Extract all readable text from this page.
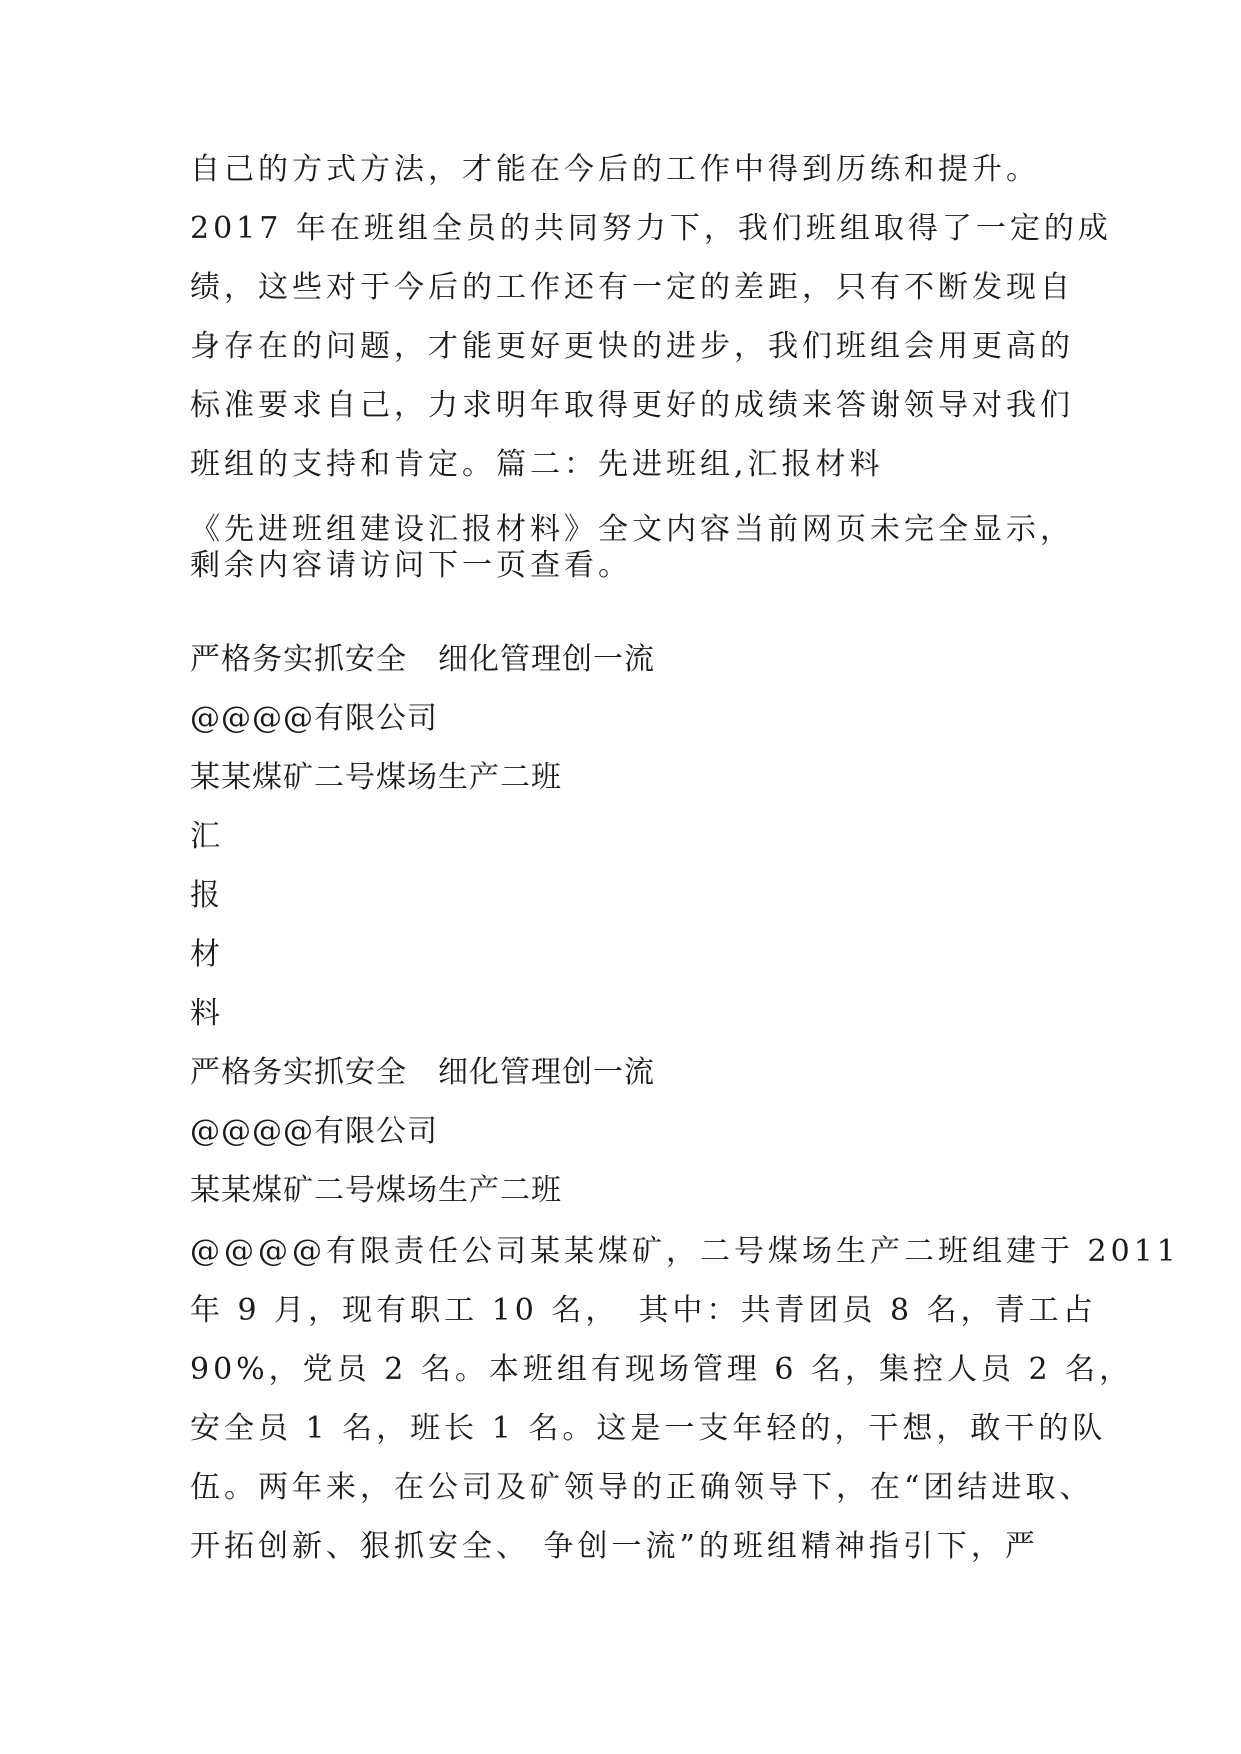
自己的方式方法，才能在今后的工作中得到历练和提升。
2017 年在班组全员的共同努力下，我们班组取得了一定的成
绩，这些对于今后的工作还有一定的差距，只有不断发现自
身存在的问题，才能更好更快的进步，我们班组会用更高的
标准要求自己，力求明年取得更好的成绩来答谢领导对我们
班组的支持和肯定。篇二：先进班组,汇报材料
《先进班组建设汇报材料》全文内容当前网页未完全显示，
剩余内容请访问下一页查看。
严格务实抓安全　细化管理创一流
@@@@有限公司
某某煤矿二号煤场生产二班
汇
报
材
料
严格务实抓安全　细化管理创一流
@@@@有限公司
某某煤矿二号煤场生产二班
@@@@有限责任公司某某煤矿，二号煤场生产二班组建于 2011
年 9 月，现有职工 10 名，　其中：共青团员 8 名，青工占
90%，党员 2 名。本班组有现场管理 6 名，集控人员 2 名，
安全员 1 名，班长 1 名。这是一支年轻的，干想，敢干的队
伍。两年来，在公司及矿领导的正确领导下，在“团结进取、
开拓创新、狠抓安全、 争创一流”的班组精神指引下，严
